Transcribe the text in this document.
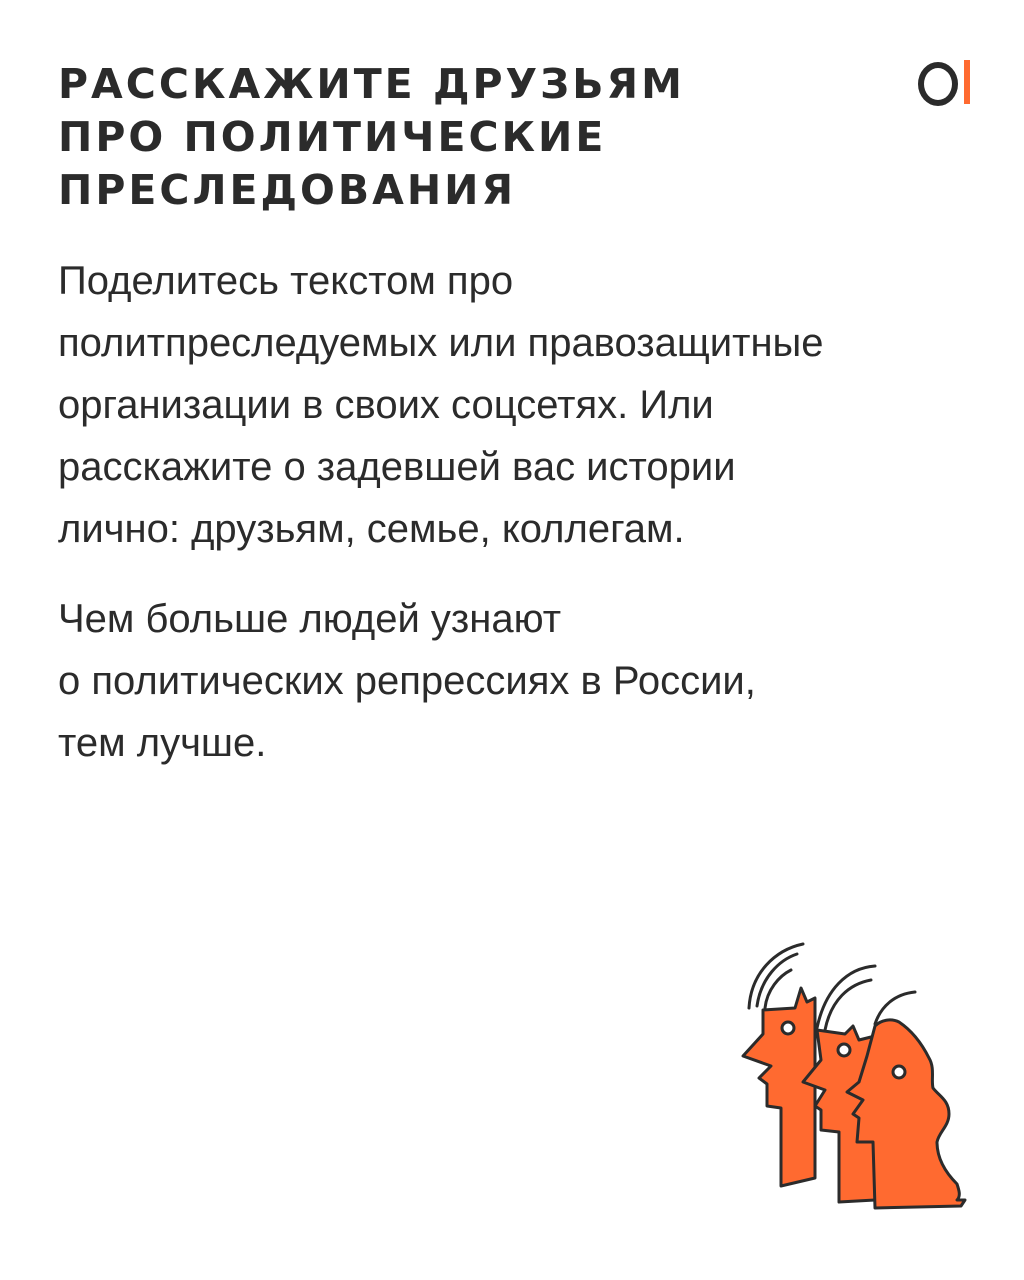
РАССКАЖИТЕ ДРУЗЬЯМ
ПРО ПОЛИТИЧЕСКИЕ
ПРЕСЛЕДОВАНИЯ

Поделитесь текстом про
политпреследуемых или правозащитные
организации в своих соцсетях. Или
расскажите о задевшей вас истории
лично: друзьям, семье, коллегам.

Чем больше людей узнают
о политических репрессиях в России,
тем лучше.
